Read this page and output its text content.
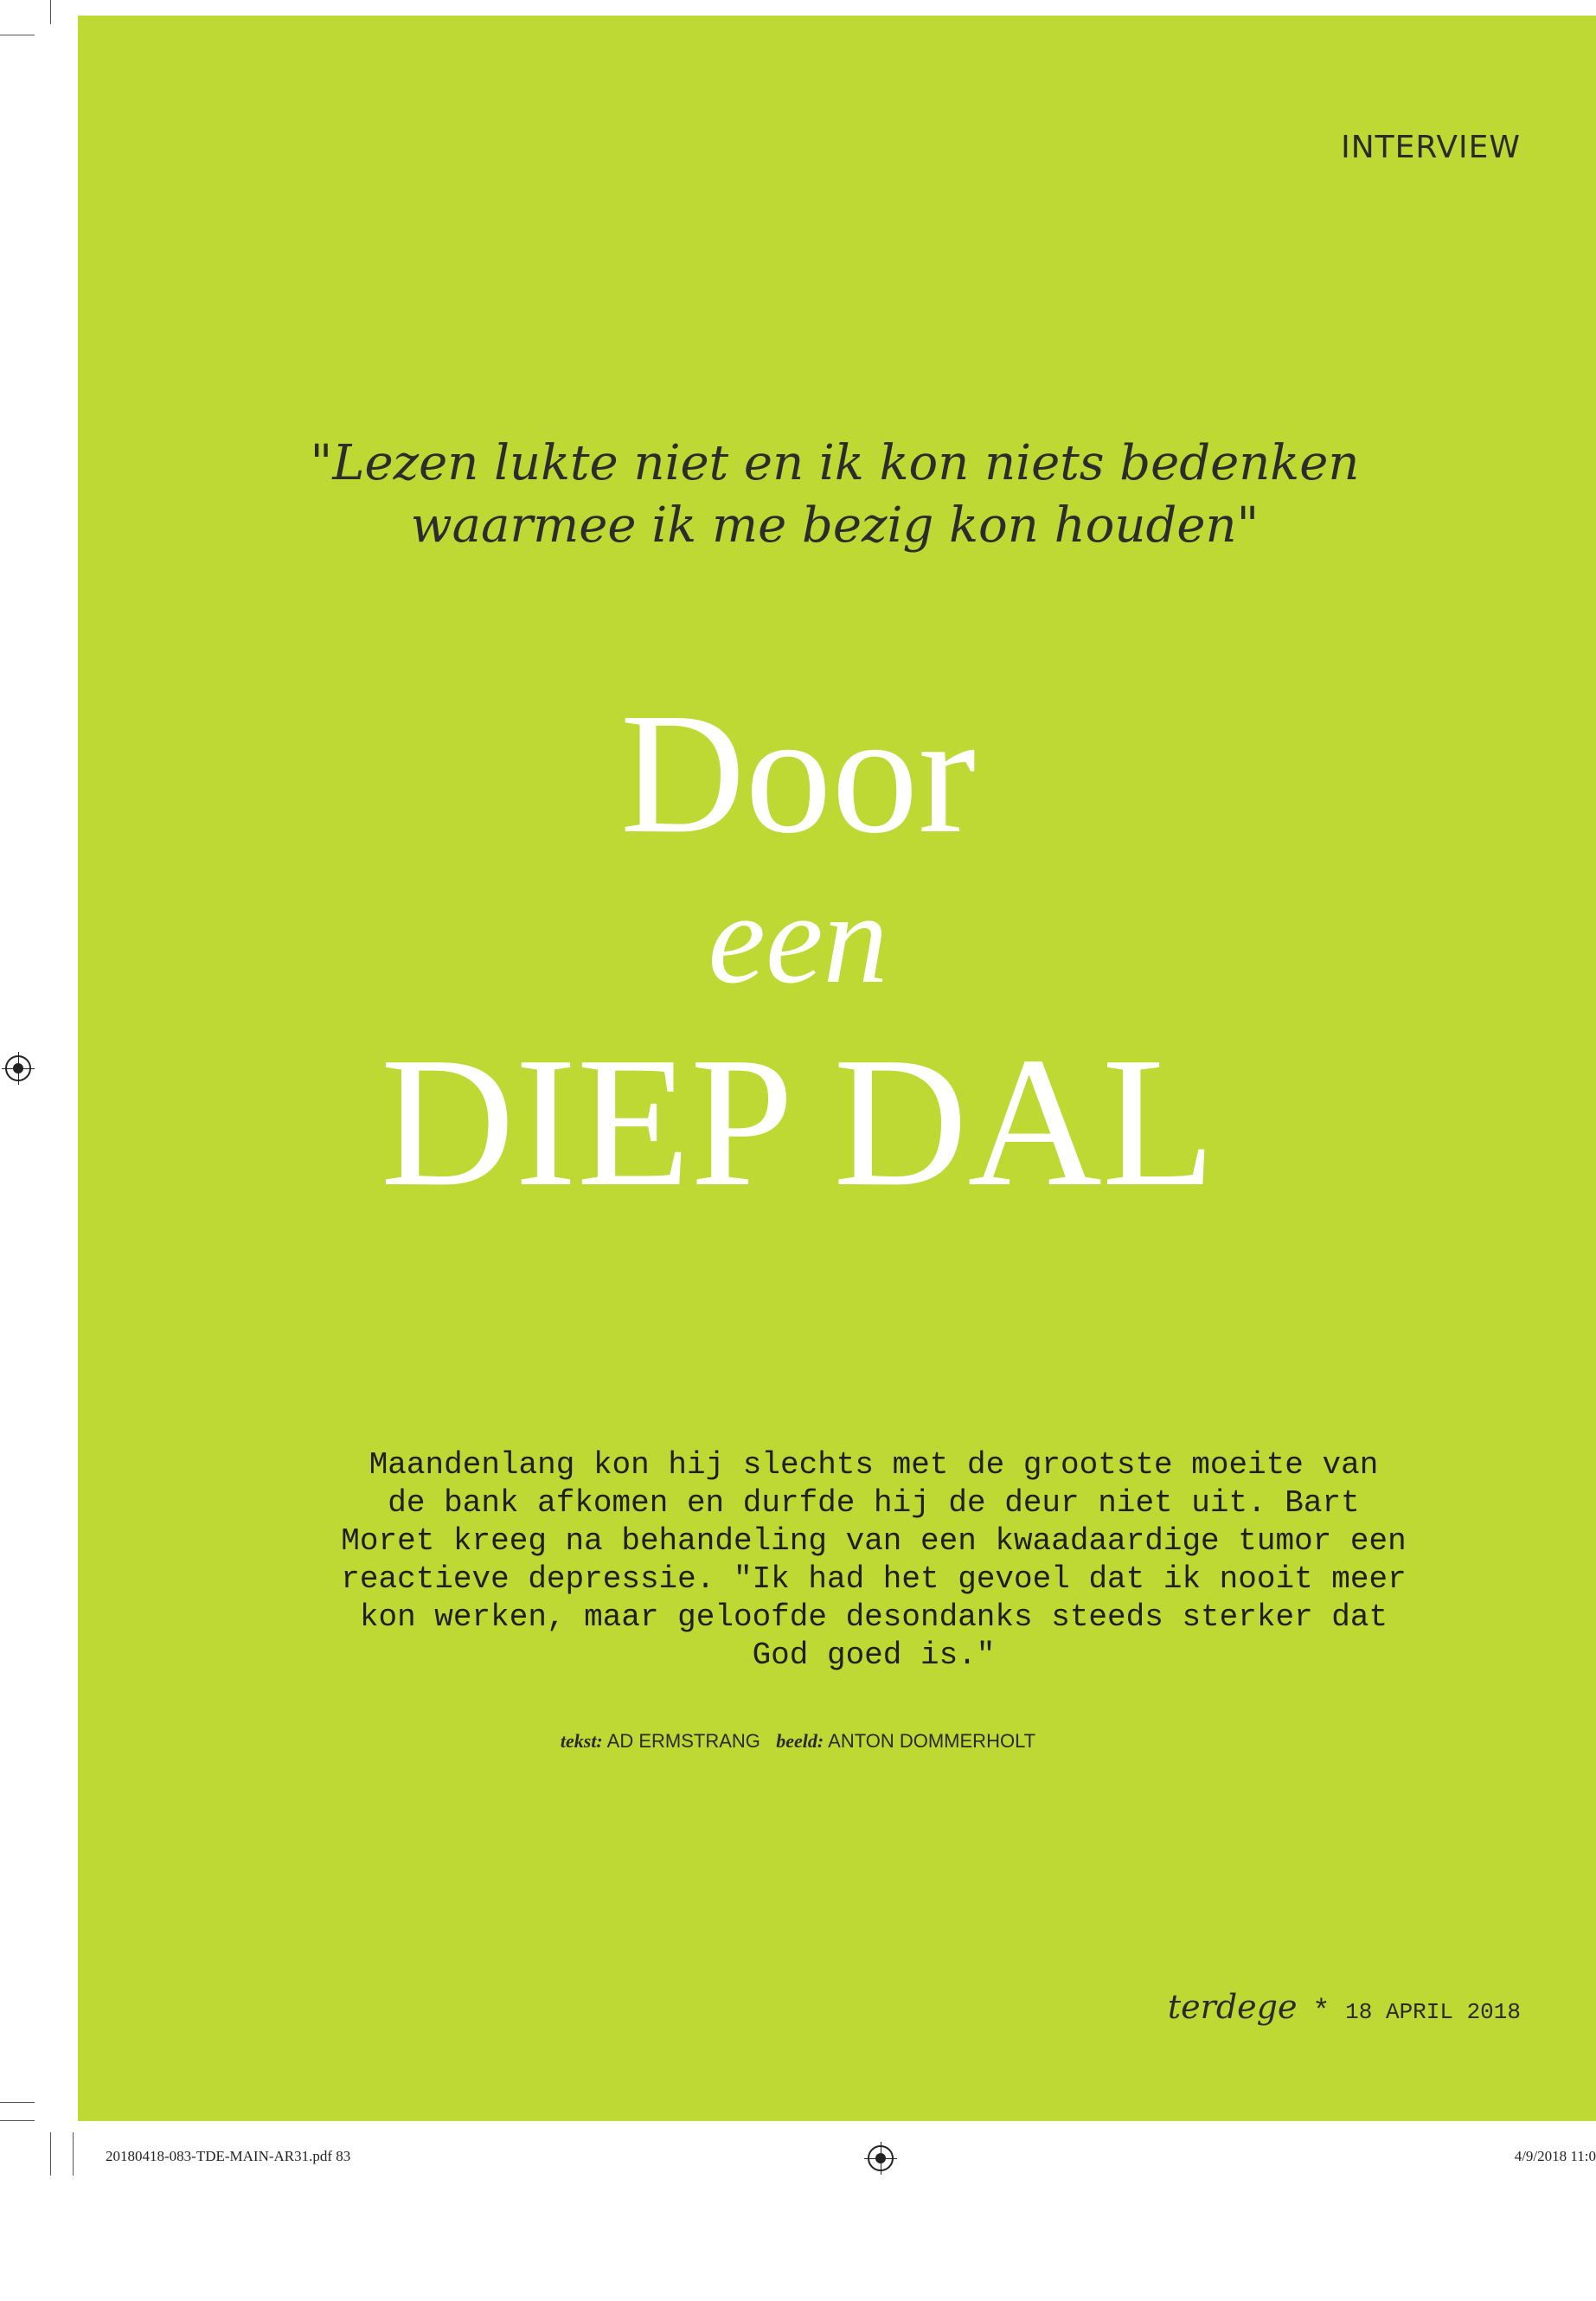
INTERVIEW
"Lezen lukte niet en ik kon niets bedenken
waarmee ik me bezig kon houden"
Door
een
DIEP DAL
Maandenlang kon hij slechts met de grootste moeite van
de bank afkomen en durfde hij de deur niet uit. Bart
Moret kreeg na behandeling van een kwaadaardige tumor een
reactieve depressie. "Ik had het gevoel dat ik nooit meer
kon werken, maar geloofde desondanks steeds sterker dat
God goed is."
tekst: AD ERMSTRANG beeld: ANTON DOMMERHOLT
terdege * 18 APRIL 2018
20180418-083-TDE-MAIN-AR31.pdf 83	4/9/2018 11:0
